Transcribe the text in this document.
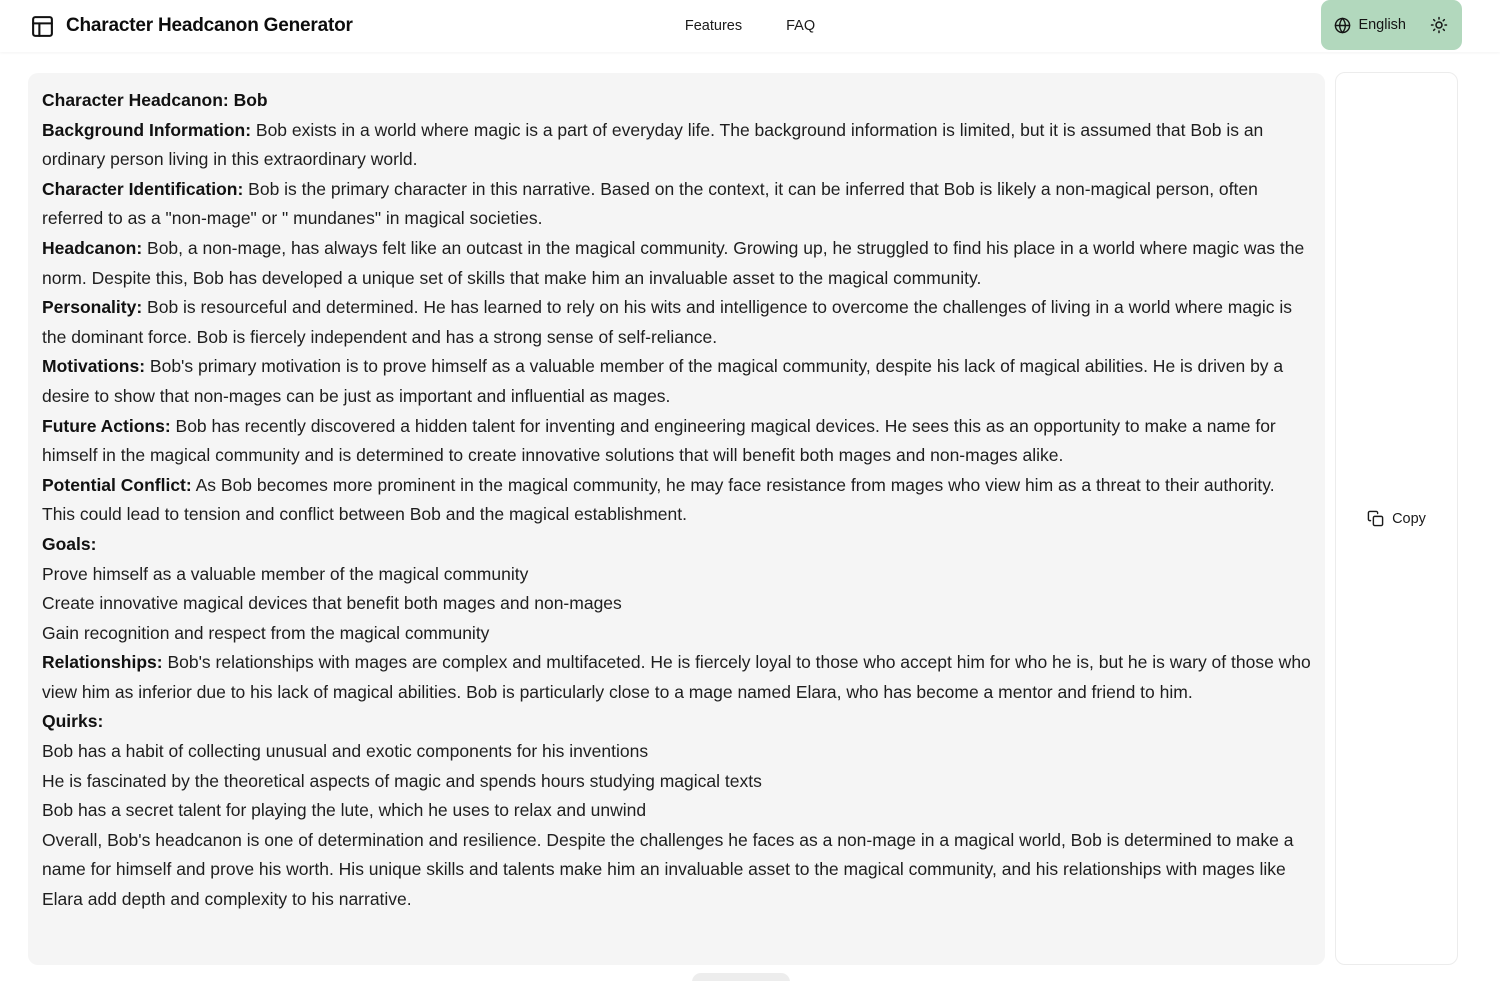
Character Headcanon Generator	Features	FAQ	English
Character Headcanon: Bob
Background Information: Bob exists in a world where magic is a part of everyday life. The background information is limited, but it is assumed that Bob is an ordinary person living in this extraordinary world.
Character Identification: Bob is the primary character in this narrative. Based on the context, it can be inferred that Bob is likely a non-magical person, often referred to as a "non-mage" or " mundanes" in magical societies.
Headcanon: Bob, a non-mage, has always felt like an outcast in the magical community. Growing up, he struggled to find his place in a world where magic was the norm. Despite this, Bob has developed a unique set of skills that make him an invaluable asset to the magical community.
Personality: Bob is resourceful and determined. He has learned to rely on his wits and intelligence to overcome the challenges of living in a world where magic is the dominant force. Bob is fiercely independent and has a strong sense of self-reliance.
Motivations: Bob's primary motivation is to prove himself as a valuable member of the magical community, despite his lack of magical abilities. He is driven by a desire to show that non-mages can be just as important and influential as mages.
Future Actions: Bob has recently discovered a hidden talent for inventing and engineering magical devices. He sees this as an opportunity to make a name for himself in the magical community and is determined to create innovative solutions that will benefit both mages and non-mages alike.
Potential Conflict: As Bob becomes more prominent in the magical community, he may face resistance from mages who view him as a threat to their authority. This could lead to tension and conflict between Bob and the magical establishment.
Goals:
Prove himself as a valuable member of the magical community
Create innovative magical devices that benefit both mages and non-mages
Gain recognition and respect from the magical community
Relationships: Bob's relationships with mages are complex and multifaceted. He is fiercely loyal to those who accept him for who he is, but he is wary of those who view him as inferior due to his lack of magical abilities. Bob is particularly close to a mage named Elara, who has become a mentor and friend to him.
Quirks:
Bob has a habit of collecting unusual and exotic components for his inventions
He is fascinated by the theoretical aspects of magic and spends hours studying magical texts
Bob has a secret talent for playing the lute, which he uses to relax and unwind
Overall, Bob's headcanon is one of determination and resilience. Despite the challenges he faces as a non-mage in a magical world, Bob is determined to make a name for himself and prove his worth. His unique skills and talents make him an invaluable asset to the magical community, and his relationships with mages like Elara add depth and complexity to his narrative.
Copy
